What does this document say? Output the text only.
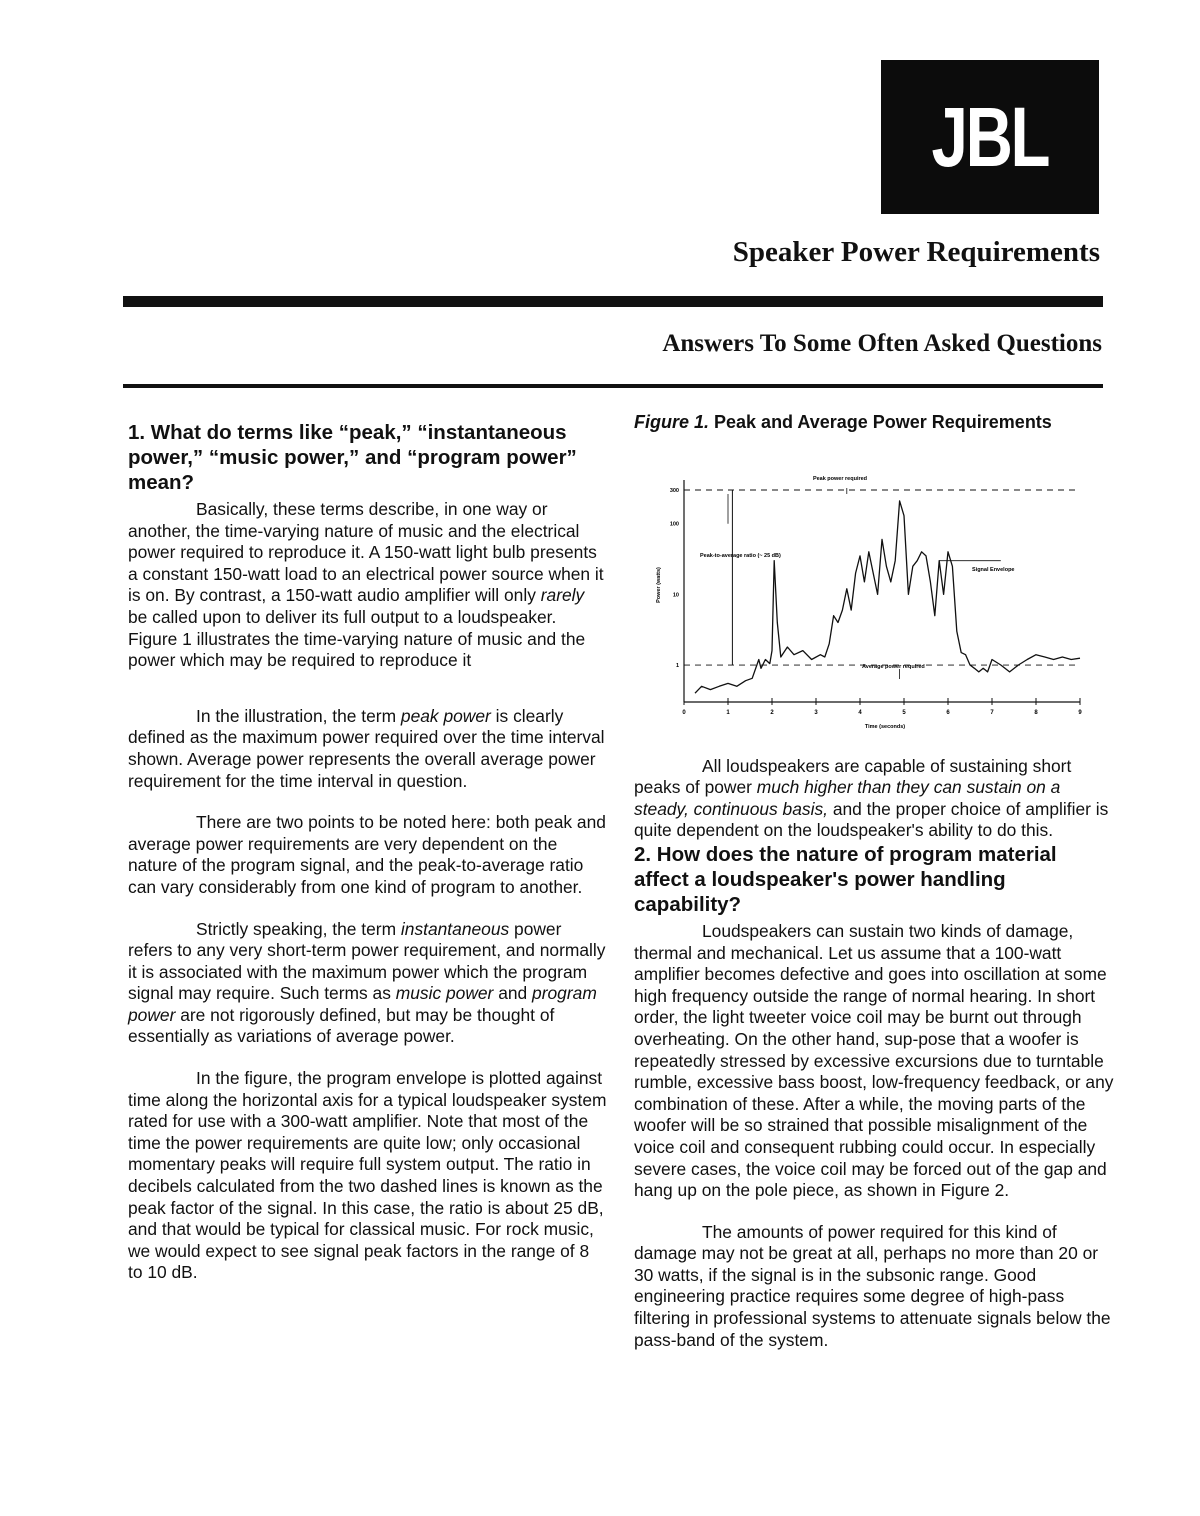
JBL
Speaker Power Requirements
Answers To Some Often Asked Questions
1. What do terms like “peak,” “instantaneous power,” “music power,” and “program power” mean?

Basically, these terms describe, in one way or another, the time-varying nature of music and the electrical power required to reproduce it. A 150-watt light bulb presents a constant 150-watt load to an electrical power source when it is on. By contrast, a 150-watt audio amplifier will only rarely be called upon to deliver its full output to a loudspeaker. Figure 1 illustrates the time-varying nature of music and the power which may be required to reproduce it

In the illustration, the term peak power is clearly defined as the maximum power required over the time interval shown. Average power represents the overall average power requirement for the time interval in question.

There are two points to be noted here: both peak and average power requirements are very dependent on the nature of the program signal, and the peak-to-average ratio can vary considerably from one kind of program to another.

Strictly speaking, the term instantaneous power refers to any very short-term power requirement, and normally it is associated with the maximum power which the program signal may require. Such terms as music power and program power are not rigorously defined, but may be thought of essentially as variations of average power.

In the figure, the program envelope is plotted against time along the horizontal axis for a typical loudspeaker system rated for use with a 300-watt amplifier. Note that most of the time the power requirements are quite low; only occasional momentary peaks will require full system output. The ratio in decibels calculated from the two dashed lines is known as the peak factor of the signal. In this case, the ratio is about 25 dB, and that would be typical for classical music. For rock music, we would expect to see signal peak factors in the range of 8 to 10 dB.

Figure 1. Peak and Average Power Requirements
0	1	2	3	4	5	6	7	8	9
300
100
10
1
Peak power required
Peak-to-average ratio (~ 25 dB)
Signal Envelope
Average power required
Time (seconds)
Power (watts)

All loudspeakers are capable of sustaining short peaks of power much higher than they can sustain on a steady, continuous basis, and the proper choice of amplifier is quite dependent on the loudspeaker's ability to do this.

2. How does the nature of program material affect a loudspeaker's power handling capability?

Loudspeakers can sustain two kinds of damage, thermal and mechanical. Let us assume that a 100-watt amplifier becomes defective and goes into oscillation at some high frequency outside the range of normal hearing. In short order, the light tweeter voice coil may be burnt out through overheating. On the other hand, sup-pose that a woofer is repeatedly stressed by excessive excursions due to turntable rumble, excessive bass boost, low-frequency feedback, or any combination of these. After a while, the moving parts of the woofer will be so strained that possible misalignment of the voice coil and consequent rubbing could occur. In especially severe cases, the voice coil may be forced out of the gap and hang up on the pole piece, as shown in Figure 2.

The amounts of power required for this kind of damage may not be great at all, perhaps no more than 20 or 30 watts, if the signal is in the subsonic range. Good engineering practice requires some degree of high-pass filtering in professional systems to attenuate signals below the pass-band of the system.
